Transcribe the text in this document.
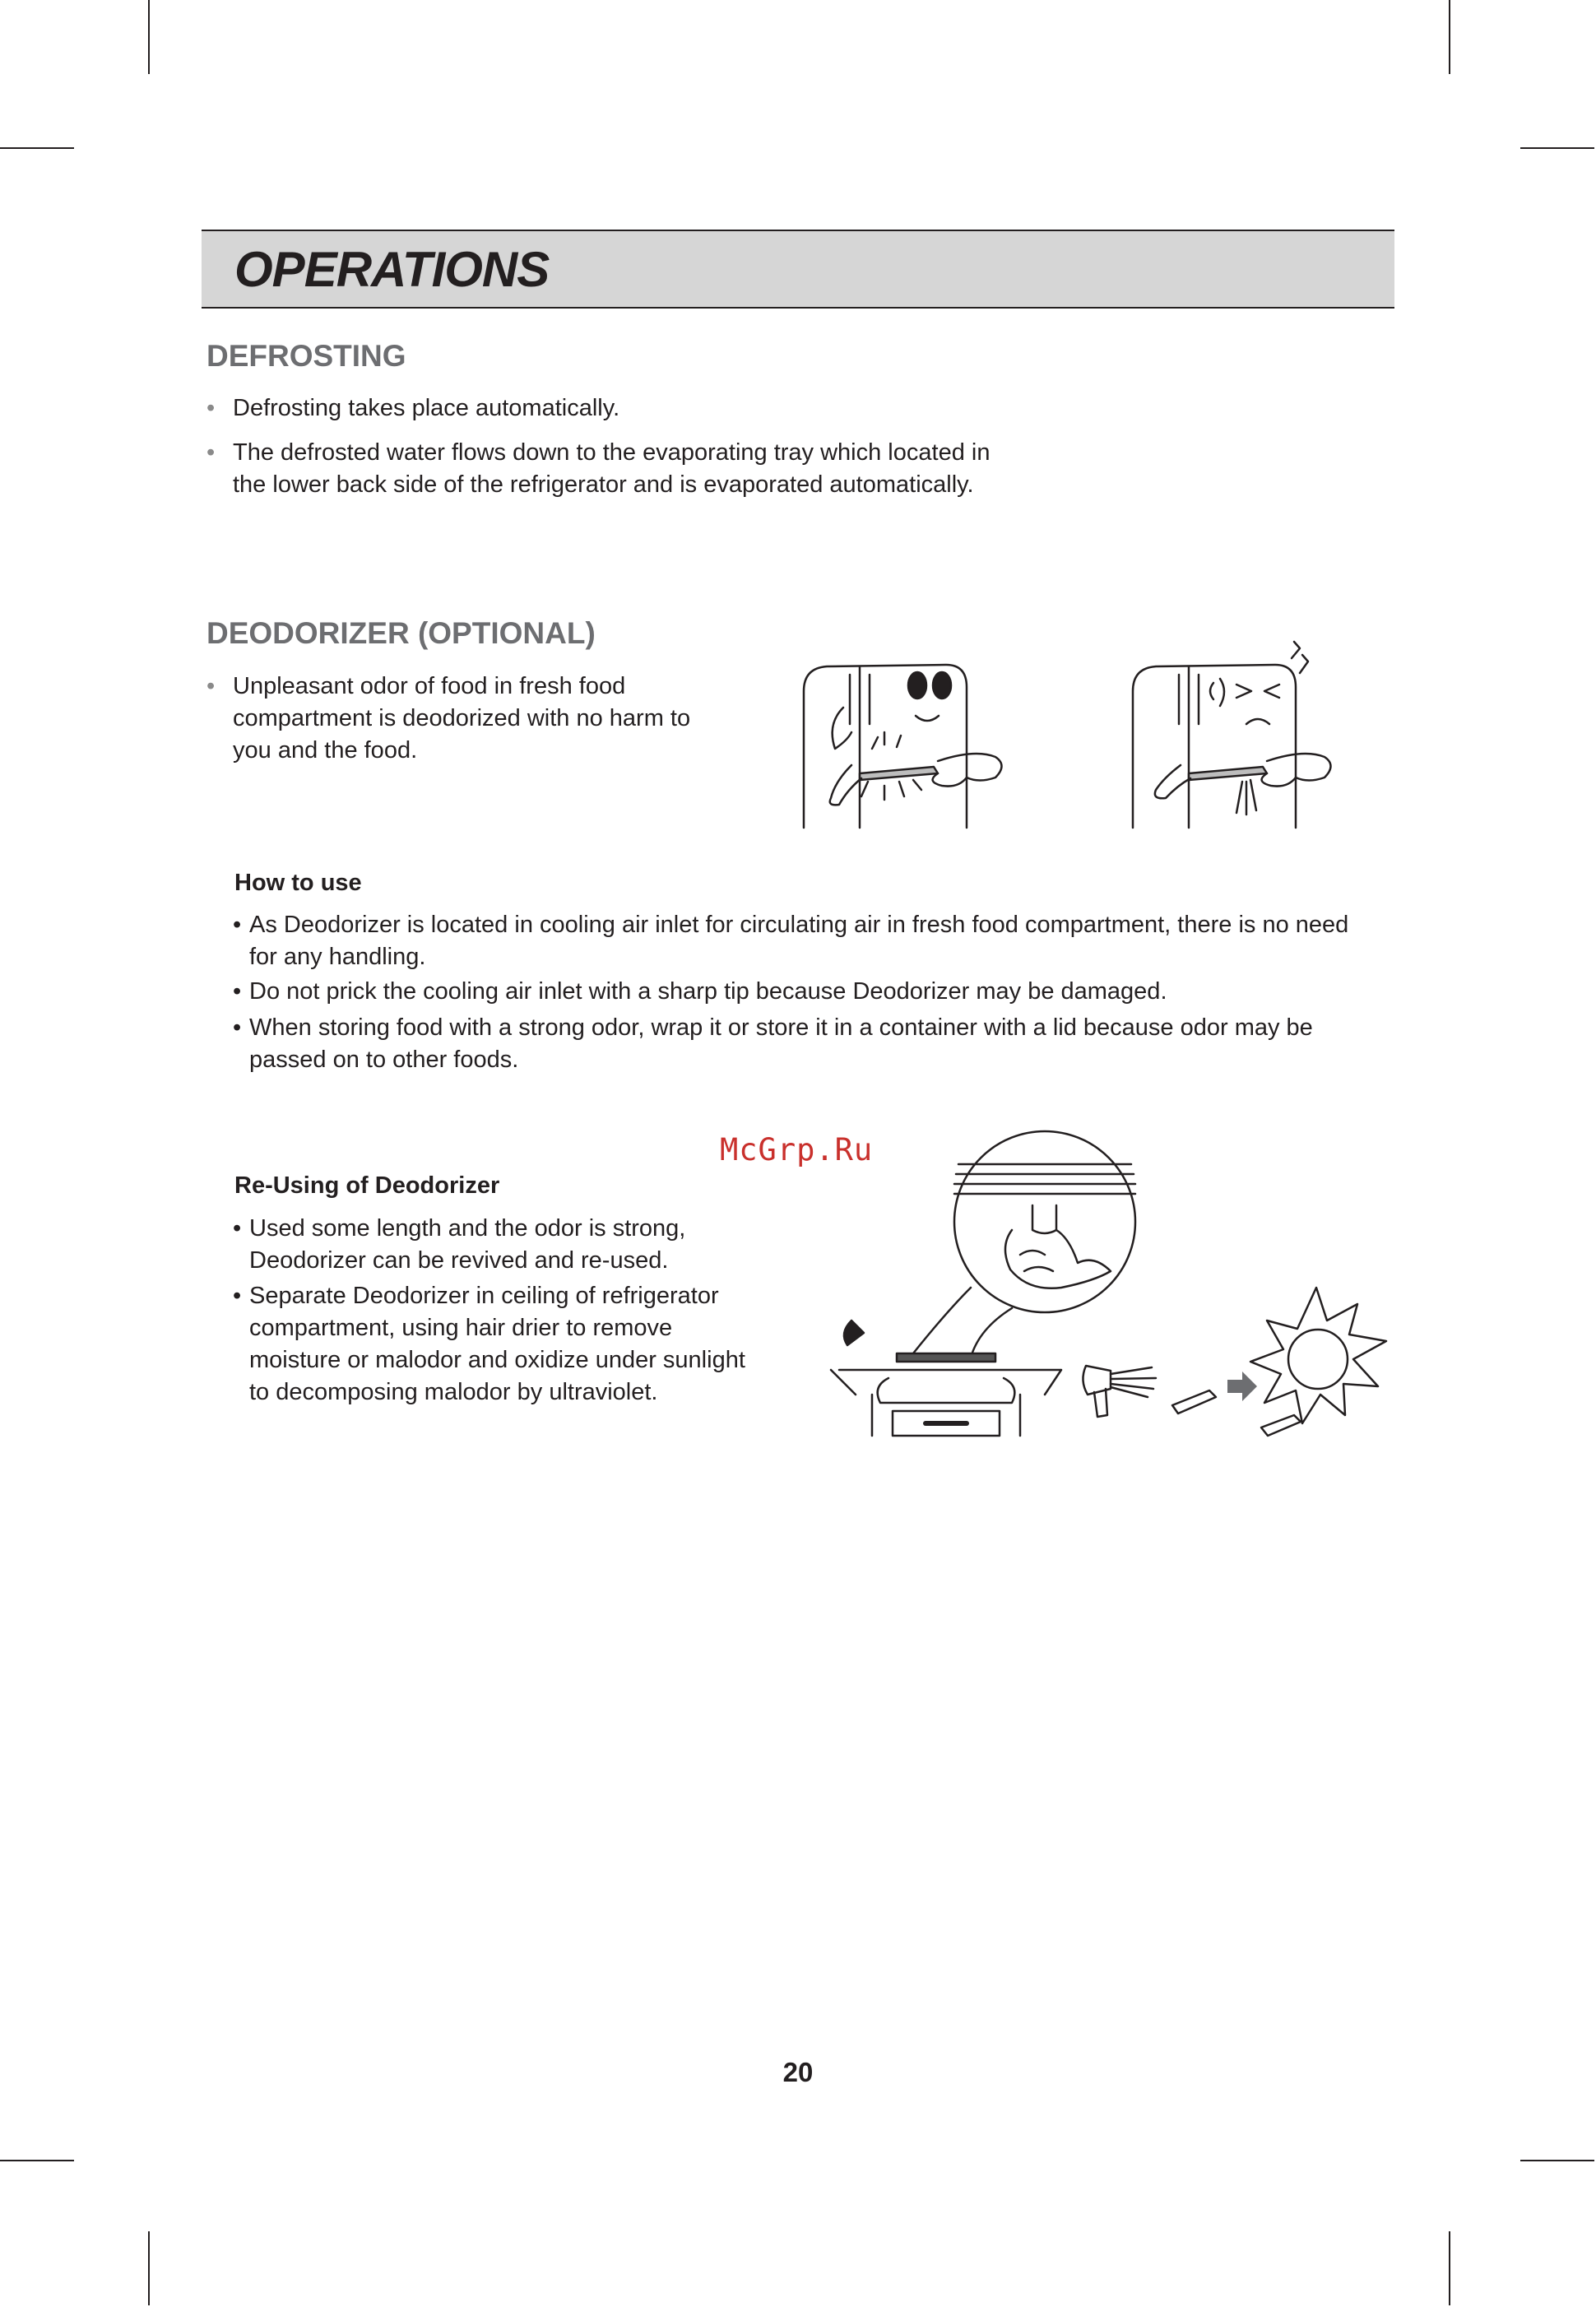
OPERATIONS
DEFROSTING
• Defrosting takes place automatically.
• The defrosted water flows down to the evaporating tray which located in
the lower back side of the refrigerator and is evaporated automatically.
DEODORIZER (OPTIONAL)
• Unpleasant odor of food in fresh food
compartment is deodorized with no harm to
you and the food.
How to use
• As Deodorizer is located in cooling air inlet for circulating air in fresh food compartment, there is no need
for any handling.
• Do not prick the cooling air inlet with a sharp tip because Deodorizer may be damaged.
• When storing food with a strong odor, wrap it or store it in a container with a lid because odor may be
passed on to other foods.
McGrp.Ru
Re-Using of Deodorizer
• Used some length and the odor is strong,
Deodorizer can be revived and re-used.
• Separate Deodorizer in ceiling of refrigerator
compartment, using hair drier to remove
moisture or malodor and oxidize under sunlight
to decomposing malodor by ultraviolet.
20
